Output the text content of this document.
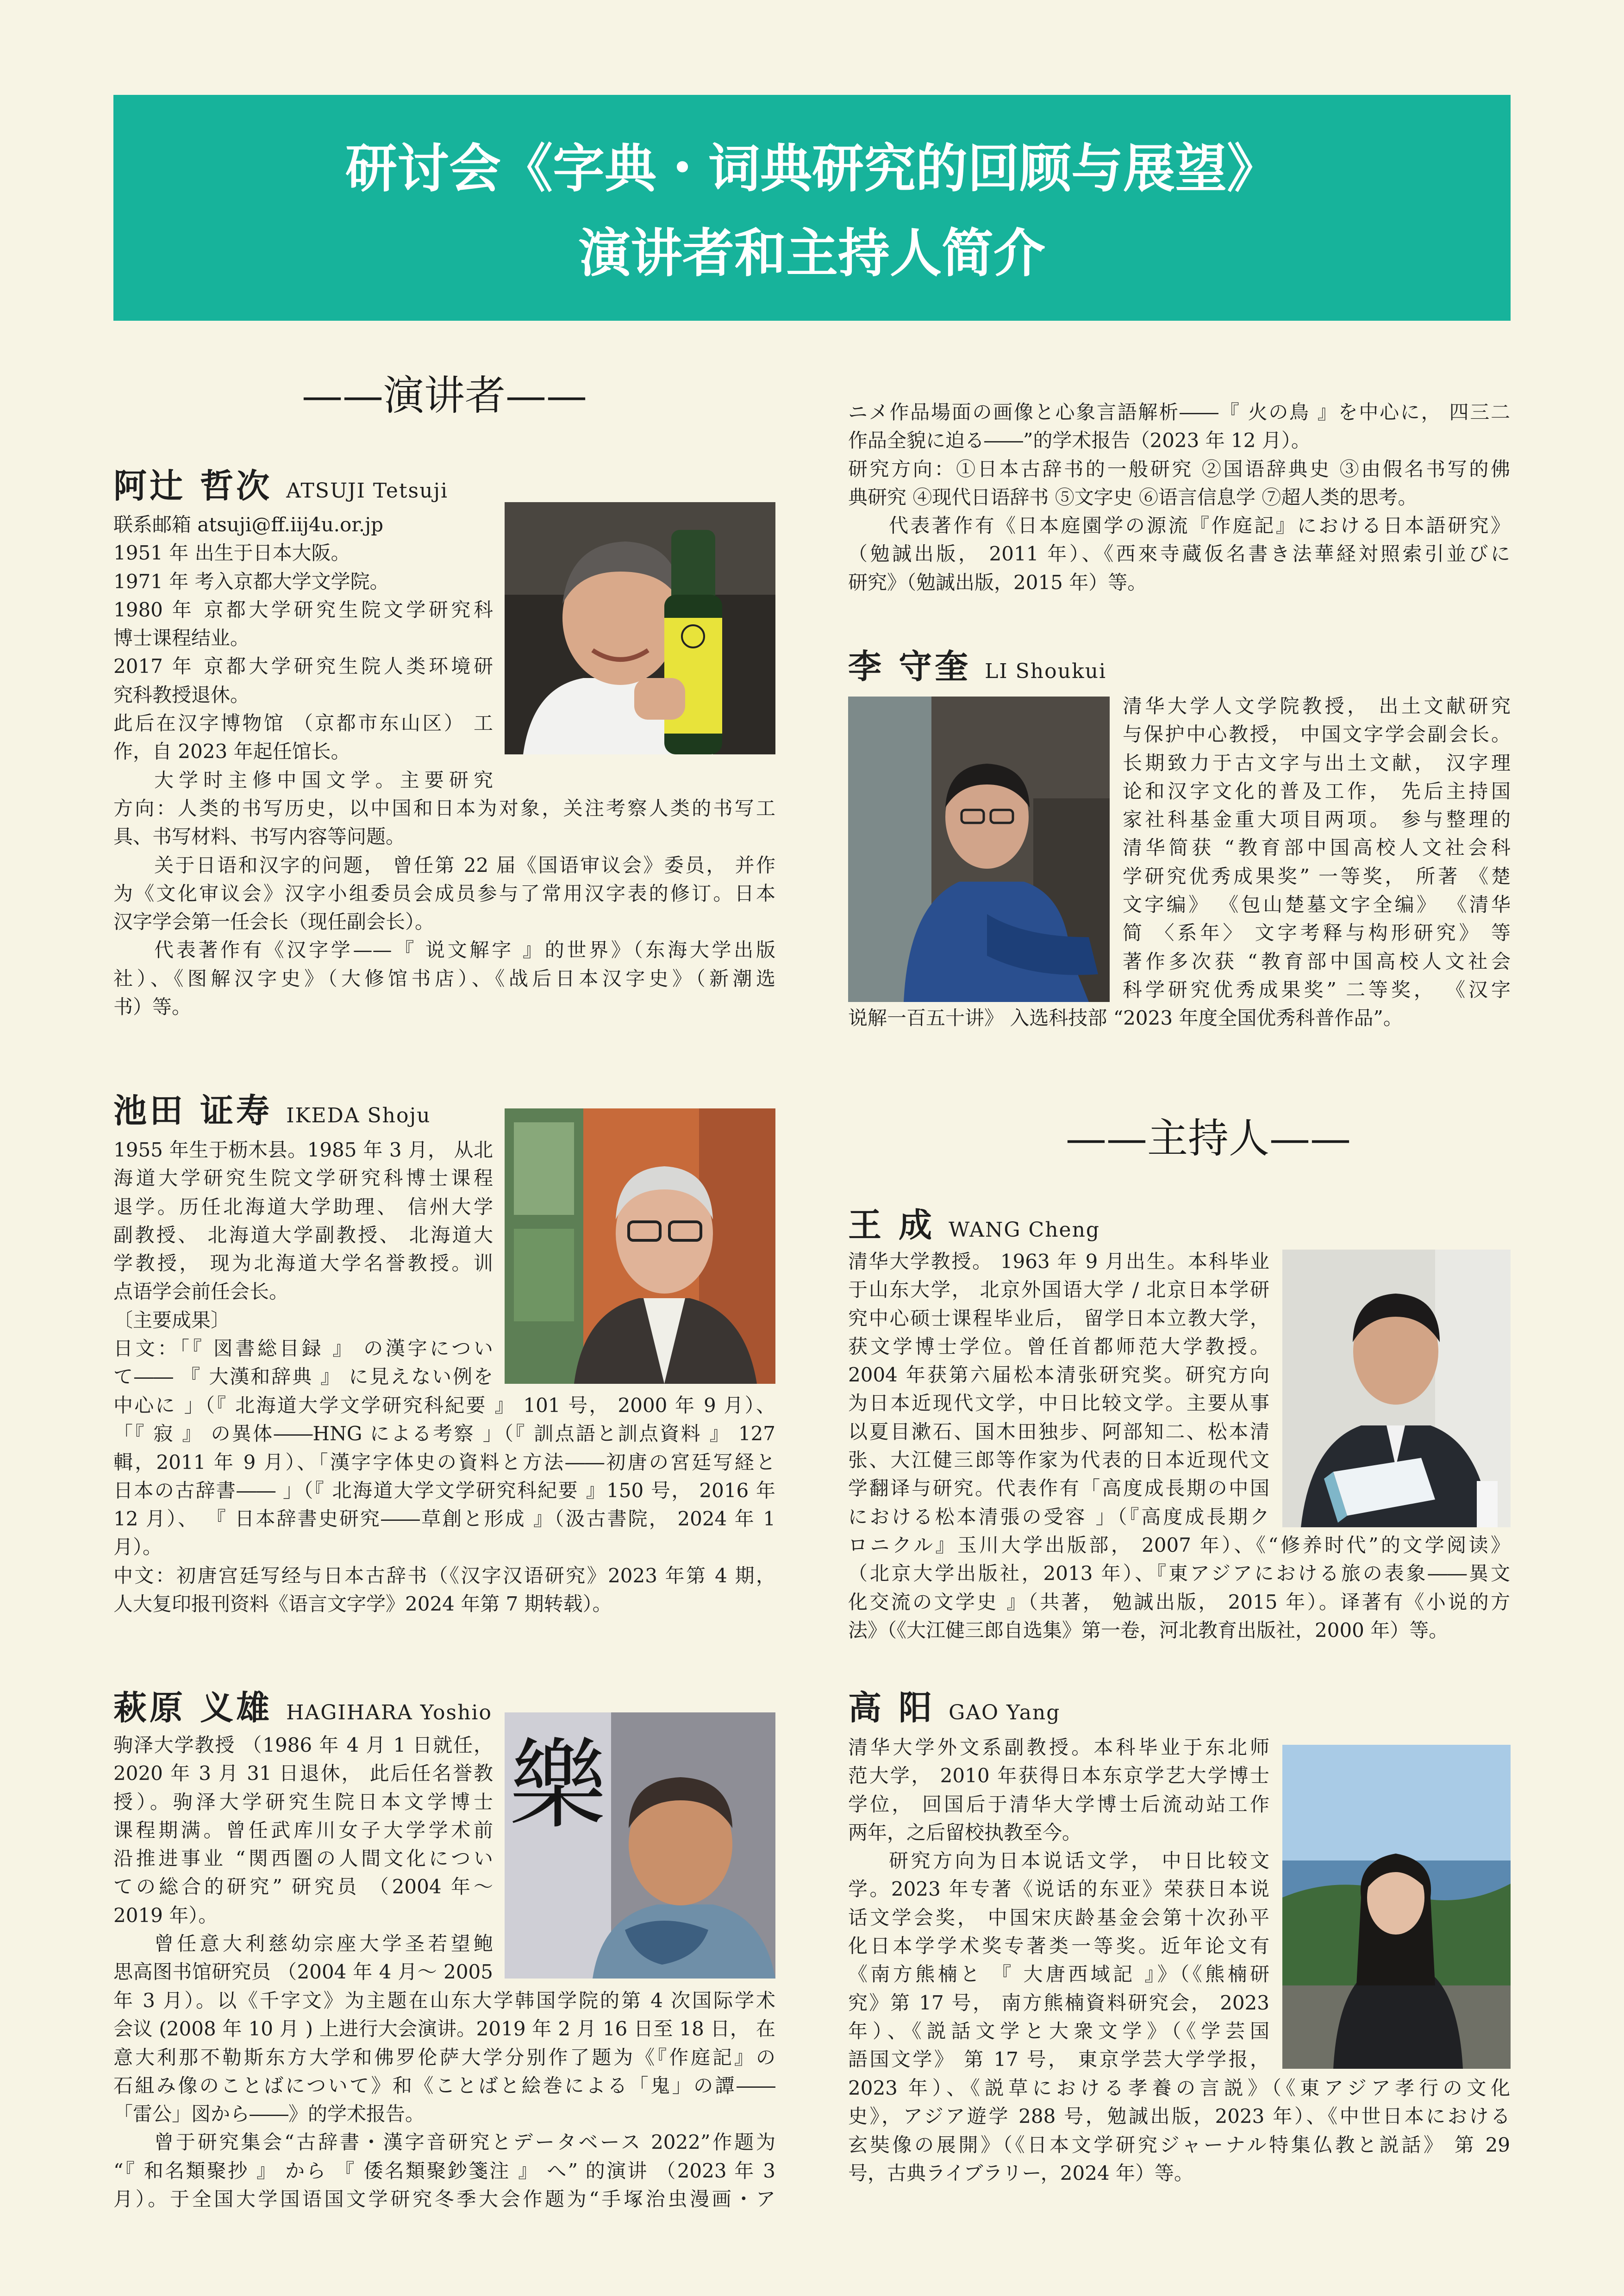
研讨会《字典・词典研究的回顾与展望》
演讲者和主持人简介
——演讲者——
——主持人——
阿辻 哲次 ATSUJI Tetsuji
联系邮箱 atsuji@ff.iij4u.or.jp
1951 年 出生于日本大阪。
1971 年 考入京都大学文学院。
1980 年 京都大学研究生院文学研究科
博士课程结业。
2017 年 京都大学研究生院人类环境研
究科教授退休。
此后在汉字博物馆 （京都市东山区） 工
作，自 2023 年起任馆长。
大学时主修中国文学。主要研究
方向：人类的书写历史，以中国和日本为对象，关注考察人类的书写工
具、书写材料、书写内容等问题。
关于日语和汉字的问题， 曾任第 22 届《国语审议会》委员， 并作
为《文化审议会》汉字小组委员会成员参与了常用汉字表的修订。日本
汉字学会第一任会长（现任副会长）。
代表著作有《汉字学——『 说文解字 』的世界》（东海大学出版
社）、《图解汉字史》（大修馆书店）、《战后日本汉字史》（新潮选
书）等。
池田 证寿 IKEDA Shoju
1955 年生于枥木县。1985 年 3 月， 从北
海道大学研究生院文学研究科博士课程
退学。历任北海道大学助理、 信州大学
副教授、 北海道大学副教授、 北海道大
学教授， 现为北海道大学名誉教授。训
点语学会前任会长。
〔主要成果〕
日文：「『 図書総目録 』 の漢字につい
て―― 『 大漢和辞典 』 に見えない例を
中心に 」（『 北海道大学文学研究科紀要 』 101 号， 2000 年 9 月）、
「『 寂 』 の異体――HNG による考察 」（『 訓点語と訓点資料 』 127
輯，2011 年 9 月）、「漢字字体史の資料と方法――初唐の宮廷写経と
日本の古辞書―― 」（『 北海道大学文学研究科紀要 』150 号， 2016 年
12 月）、 『 日本辞書史研究――草創と形成 』（汲古書院， 2024 年 1
月）。
中文：初唐宫廷写经与日本古辞书（《汉字汉语研究》2023 年第 4 期，
人大复印报刊资料《语言文字学》2024 年第 7 期转载）。
萩原 义雄 HAGIHARA Yoshio
樂
驹泽大学教授 （1986 年 4 月 1 日就任，
2020 年 3 月 31 日退休， 此后任名誉教
授）。驹泽大学研究生院日本文学博士
课程期满。曾任武库川女子大学学术前
沿推进事业 “関西圏の人間文化につい
ての総合的研究” 研究员 （2004 年～
2019 年）。
曾任意大利慈幼宗座大学圣若望鲍
思高图书馆研究员 （2004 年 4 月～ 2005
年 3 月）。以《千字文》为主题在山东大学韩国学院的第 4 次国际学术
会议 (2008 年 10 月 ) 上进行大会演讲。2019 年 2 月 16 日至 18 日， 在
意大利那不勒斯东方大学和佛罗伦萨大学分别作了题为《『作庭記』の
石組み像のことばについて》和《ことばと絵巻による「鬼」の譚――
「雷公」図から――》的学术报告。
曾于研究集会“古辞書・漢字音研究とデータベース 2022”作题为
“『 和名類聚抄 』 から 『 倭名類聚鈔箋注 』 へ” 的演讲 （2023 年 3
月）。于全国大学国语国文学研究冬季大会作题为“手塚治虫漫画・ア
ニメ作品場面の画像と心象言語解析――『 火の鳥 』を中心に， 四三二
作品全貌に迫る――”的学术报告（2023 年 12 月）。
研究方向：①日本古辞书的一般研究 ②国语辞典史 ③由假名书写的佛
典研究 ④现代日语辞书 ⑤文字史 ⑥语言信息学 ⑦超人类的思考。
代表著作有《日本庭園学の源流『作庭記』における日本語研究》
（勉誠出版， 2011 年）、《西來寺蔵仮名書き法華経対照索引並びに
研究》（勉誠出版，2015 年）等。
李 守奎 LI Shoukui
清华大学人文学院教授， 出土文献研究
与保护中心教授， 中国文字学会副会长。
长期致力于古文字与出土文献， 汉字理
论和汉字文化的普及工作， 先后主持国
家社科基金重大项目两项。 参与整理的
清华简获 “教育部中国高校人文社会科
学研究优秀成果奖” 一等奖， 所著 《楚
文字编》 《包山楚墓文字全编》 《清华
简 〈系年〉 文字考释与构形研究》 等
著作多次获 “教育部中国高校人文社会
科学研究优秀成果奖” 二等奖， 《汉字
说解一百五十讲》 入选科技部 “2023 年度全国优秀科普作品”。
王 成 WANG Cheng
清华大学教授。 1963 年 9 月出生。本科毕业
于山东大学， 北京外国语大学 / 北京日本学研
究中心硕士课程毕业后， 留学日本立教大学，
获文学博士学位。曾任首都师范大学教授。
2004 年获第六届松本清张研究奖。研究方向
为日本近现代文学，中日比较文学。主要从事
以夏目漱石、国木田独步、阿部知二、松本清
张、大江健三郎等作家为代表的日本近现代文
学翻译与研究。代表作有「高度成長期の中国
における松本清張の受容 」（『高度成長期ク
ロニクル』玉川大学出版部， 2007 年）、《“修养时代”的文学阅读》
（北京大学出版社，2013 年）、『東アジアにおける旅の表象――異文
化交流の文学史 』（共著， 勉誠出版， 2015 年）。译著有《小说的方
法》（《大江健三郎自选集》第一卷，河北教育出版社，2000 年）等。
高 阳 GAO Yang
清华大学外文系副教授。本科毕业于东北师
范大学， 2010 年获得日本东京学艺大学博士
学位， 回国后于清华大学博士后流动站工作
两年，之后留校执教至今。
研究方向为日本说话文学， 中日比较文
学。2023 年专著《说话的东亚》荣获日本说
话文学会奖， 中国宋庆龄基金会第十次孙平
化日本学学术奖专著类一等奖。近年论文有
《南方熊楠と 『 大唐西域記 』》（《熊楠研
究》第 17 号， 南方熊楠資料研究会， 2023
年）、《説話文学と大衆文学》（《学芸国
語国文学》 第 17 号， 東京学芸大学学报，
2023 年）、《説草における孝養の言説》（《東アジア孝行の文化
史》，アジア遊学 288 号，勉誠出版，2023 年）、《中世日本における
玄奘像の展開》（《日本文学研究ジャーナル特集仏教と説話》 第 29
号，古典ライブラリー，2024 年）等。
